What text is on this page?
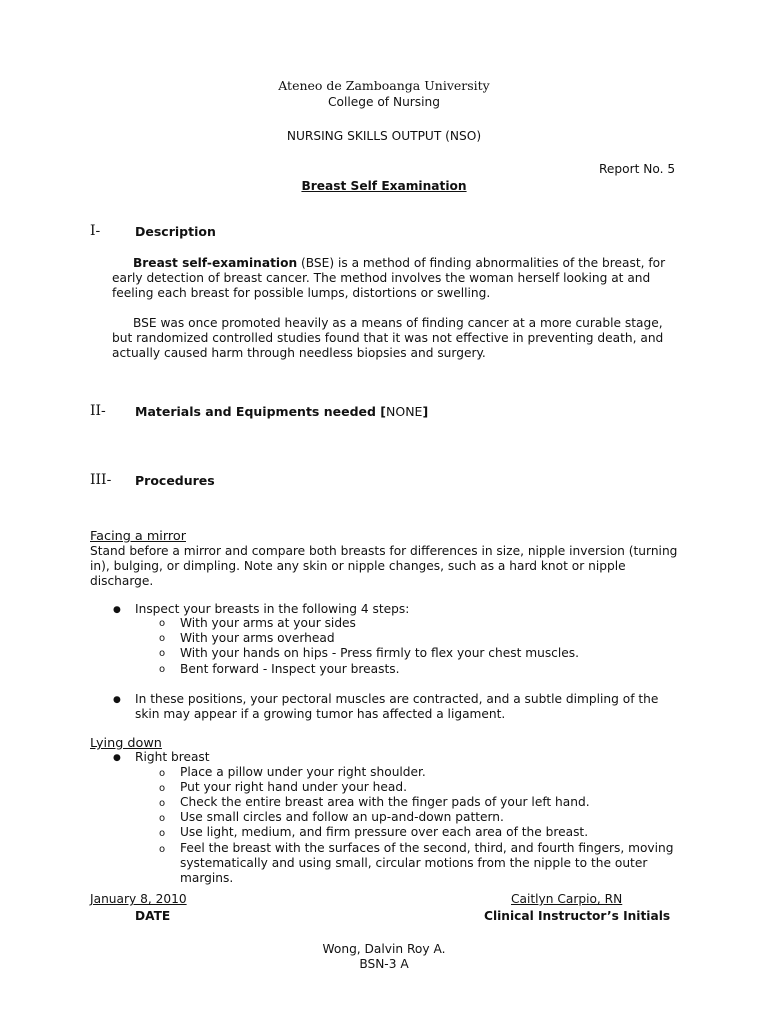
Ateneo de Zamboanga University
College of Nursing
NURSING SKILLS OUTPUT (NSO)
Report No. 5
Breast Self Examination
I-	Description
Breast self-examination (BSE) is a method of finding abnormalities of the breast, for
early detection of breast cancer. The method involves the woman herself looking at and
feeling each breast for possible lumps, distortions or swelling.
BSE was once promoted heavily as a means of finding cancer at a more curable stage,
but randomized controlled studies found that it was not effective in preventing death, and
actually caused harm through needless biopsies and surgery.
II- Materials and Equipments needed [NONE]
III- Procedures
Facing a mirror
Stand before a mirror and compare both breasts for differences in size, nipple inversion (turning
in), bulging, or dimpling. Note any skin or nipple changes, such as a hard knot or nipple
discharge.
● Inspect your breasts in the following 4 steps:
o With your arms at your sides
o With your arms overhead
o With your hands on hips - Press firmly to flex your chest muscles.
o Bent forward - Inspect your breasts.
● In these positions, your pectoral muscles are contracted, and a subtle dimpling of the
skin may appear if a growing tumor has affected a ligament.
Lying down
● Right breast
o Place a pillow under your right shoulder.
o Put your right hand under your head.
o Check the entire breast area with the finger pads of your left hand.
o Use small circles and follow an up-and-down pattern.
o Use light, medium, and firm pressure over each area of the breast.
o Feel the breast with the surfaces of the second, third, and fourth fingers, moving
systematically and using small, circular motions from the nipple to the outer
margins.
January 8, 2010
DATE
Caitlyn Carpio, RN
Clinical Instructor’s Initials
Wong, Dalvin Roy A.
BSN-3 A
